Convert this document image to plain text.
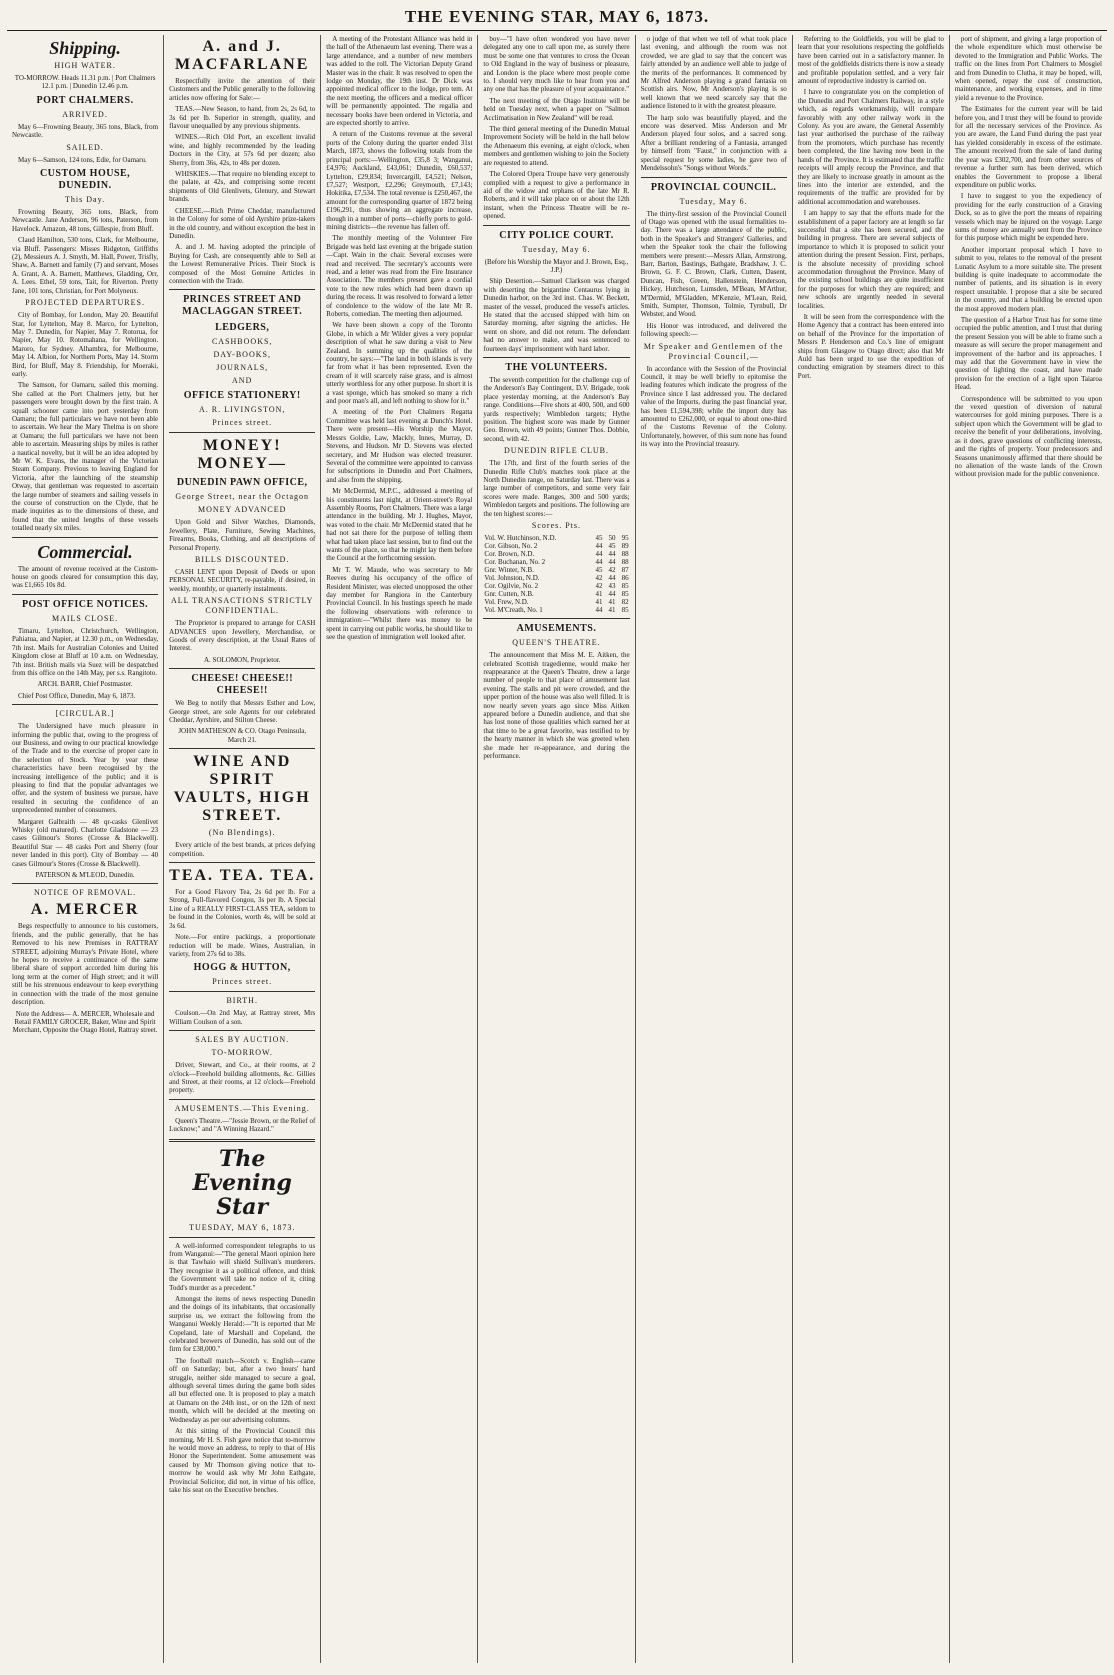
THE EVENING STAR, MAY 6, 1873.
Shipping.
HIGH WATER.

TO-MORROW. Heads 11.31 p.m. | Port Chalmers 12.1 p.m. | Dunedin 12.46 p.m.

PORT CHALMERS.
ARRIVED.

May 6—Frowning Beauty, 365 tons, Black, from Newcastle.

SAILED.

May 6—Samson, 124 tons, Edie, for Oamaru.

CUSTOM HOUSE, DUNEDIN.
This Day.

Frowning Beauty, 365 tons, Black, from Newcastle. Jane Anderson, 96 tons, Paterson, from Havelock. Amazon, 48 tons, Gillespie, from Bluff.

Claud Hamilton, 530 tons, Clark, for Melbourne, via Bluff. Passengers: Misses Ridgeton, Griffiths (2), Messieurs A. J. Smyth, M. Hall, Power, Trisfly, Shaw, A. Barnett and family (7) and servant, Moses A. Grant, A. A. Barnett, Matthews, Gladding, Orr, A. Lees. Ethel, 59 tons, Tait, for Riverton. Pretty Jane, 101 tons, Christian, for Port Molyneux.

PROJECTED DEPARTURES.

City of Bombay, for London, May 20. Beautiful Star, for Lyttelton, May 8. Marco, for Lyttelton, May 7. Dunedin, for Napier, May 7. Rotorua, for Napier, May 10. Rotomahana, for Wellington. Maroro, for Sydney. Alhambra, for Melbourne, May 14. Albion, for Northern Ports, May 14. Storm Bird, for Bluff, May 8. Friendship, for Moeraki, early.

The Samson, for Oamaru, sailed this morning. She called at the Port Chalmers jetty, but her passengers were brought down by the first train. A squall schooner came into port yesterday from Oamaru; the full particulars we have not been able to ascertain. We hear the Mary Thelma is on shore at Oamaru; the full particulars we have not been able to ascertain. Measuring ships by miles is rather a nautical novelty, but it will be an idea adopted by Mr W. K. Evans, the manager of the Victorian Steam Company. Previous to leaving England for Victoria, after the launching of the steamship Otway, that gentleman was requested to ascertain the large number of steamers and sailing vessels in the course of construction on the Clyde, that he made inquiries as to the dimensions of these, and found that the united lengths of these vessels totalled nearly six miles.

Commercial.

The amount of revenue received at the Custom-house on goods cleared for consumption this day, was £1,665 10s 8d.

POST OFFICE NOTICES.
MAILS CLOSE.

Timaru, Lyttelton, Christchurch, Wellington, Pahiatua, and Napier, at 12.30 p.m., on Wednesday, 7th inst. Mails for Australian Colonies and United Kingdom close at Bluff at 10 a.m. on Wednesday, 7th inst. British mails via Suez will be despatched from this office on the 14th May, per s.s. Rangitoto.

ARCH. BARR, Chief Postmaster.

Chief Post Office, Dunedin, May 6, 1873.

[CIRCULAR.]

The Undersigned have much pleasure in informing the public that, owing to the progress of our Business, and owing to our practical knowledge of the Trade and to the exercise of proper care in the selection of Stock. Year by year these characteristics have been recognised by the increasing intelligence of the public; and it is pleasing to find that the popular advantages we offer, and the system of business we pursue, have resulted in securing the confidence of an unprecedented number of consumers.

Margaret Galbraith — 48 qr-casks Glenlivet Whisky (old matured). Charlotte Gladstone — 23 cases Gilmour's Stores (Crosse & Blackwell). Beautiful Star — 48 casks Port and Sherry (four never landed in this port). City of Bombay — 40 cases Gilmour's Stores (Crosse & Blackwell).

PATERSON & M'LEOD, Dunedin.

NOTICE OF REMOVAL.
A. MERCER

Begs respectfully to announce to his customers, friends, and the public generally, that he has Removed to his new Premises in RATTRAY STREET, adjoining Murray's Private Hotel, where he hopes to receive a continuance of the same liberal share of support accorded him during his long term at the corner of High street; and it will still be his strenuous endeavour to keep everything in connection with the trade of the most genuine description.

Note the Address— A. MERCER, Wholesale and Retail FAMILY GROCER, Baker, Wine and Spirit Merchant, Opposite the Otago Hotel, Rattray street.

A. and J. MACFARLANE

Respectfully invite the attention of their Customers and the Public generally to the following articles now offering for Sale:—

TEAS.—New Season, to hand, from 2s, 2s 6d, to 3s 6d per lb. Superior in strength, quality, and flavour unequalled by any previous shipments.

WINES.—Rich Old Port, an excellent invalid wine, and highly recommended by the leading Doctors in the City, at 57s 6d per dozen; also Sherry, from 36s, 42s, to 48s per dozen.

WHISKIES.—That require no blending except to the palate, at 42s, and comprising some recent shipments of Old Glenlivets, Glenury, and Stewart brands.

CHEESE.—Rich Prime Cheddar, manufactured in the Colony for some of old Ayrshire prize-takers in the old country, and without exception the best in Dunedin.

A. and J. M. having adopted the principle of Buying for Cash, are consequently able to Sell at the Lowest Remunerative Prices. Their Stock is composed of the Most Genuine Articles in connection with the Trade.

PRINCES STREET AND MACLAGGAN STREET.
LEDGERS,
CASHBOOKS,
DAY-BOOKS,
JOURNALS,
AND
OFFICE STATIONERY!
A. R. LIVINGSTON,
Princes street.
MONEY! MONEY—
DUNEDIN PAWN OFFICE,
George Street, near the Octagon
MONEY ADVANCED

Upon Gold and Silver Watches, Diamonds, Jewellery, Plate, Furniture, Sewing Machines, Firearms, Books, Clothing, and all descriptions of Personal Property.

BILLS DISCOUNTED.

CASH LENT upon Deposit of Deeds or upon PERSONAL SECURITY, re-payable, if desired, in weekly, monthly, or quarterly instalments.

ALL TRANSACTIONS STRICTLY CONFIDENTIAL.

The Proprietor is prepared to arrange for CASH ADVANCES upon Jewellery, Merchandise, or Goods of every description, at the Usual Rates of Interest.

A. SOLOMON, Proprietor.

CHEESE! CHEESE!! CHEESE!!

We Beg to notify that Messrs Esther and Low, George street, are sole Agents for our celebrated Cheddar, Ayrshire, and Stilton Cheese.

JOHN MATHESON & CO. Otago Peninsula, March 21.

WINE AND SPIRIT VAULTS, HIGH STREET.
(No Blendings).

Every article of the best brands, at prices defying competition.

TEA. TEA. TEA.

For a Good Flavory Tea, 2s 6d per lb. For a Strong, Full-flavored Congou, 3s per lb. A Special Line of a REALLY FIRST-CLASS TEA, seldom to be found in the Colonies, worth 4s, will be sold at 3s 6d.

Note.—For entire packings, a proportionate reduction will be made. Wines, Australian, in variety, from 27s 6d to 38s.

HOGG & HUTTON,
Princes street.
BIRTH.

Coulson.—On 2nd May, at Rattray street, Mrs William Coulson of a son.

SALES BY AUCTION.
TO-MORROW.

Driver, Stewart, and Co., at their rooms, at 2 o'clock—Freehold building allotments, &c. Gillies and Street, at their rooms, at 12 o'clock—Freehold property.

AMUSEMENTS.—This Evening.

Queen's Theatre.—"Jessie Brown, or the Relief of Lucknow;" and "A Winning Hazard."

The Evening Star
TUESDAY, MAY 6, 1873.

A well-informed correspondent telegraphs to us from Wanganui:—"The general Maori opinion here is that Tawhaio will shield Sullivan's murderers. They recognise it as a political offence, and think the Government will take no notice of it, citing Todd's murder as a precedent."

Amongst the items of news respecting Dunedin and the doings of its inhabitants, that occasionally surprise us, we extract the following from the Wanganui Weekly Herald:—"It is reported that Mr Copeland, late of Marshall and Copeland, the celebrated brewers of Dunedin, has sold out of the firm for £38,000."

The football match—Scotch v. English—came off on Saturday; but, after a two hours' hard struggle, neither side managed to secure a goal, although several times during the game both sides all but effected one. It is proposed to play a match at Oamaru on the 24th inst., or on the 12th of next month, which will be decided at the meeting on Wednesday as per our advertising columns.

At this sitting of the Provincial Council this morning, Mr H. S. Fish gave notice that to-morrow he would move an address, to reply to that of His Honor the Superintendent. Some amusement was caused by Mr Thomson giving notice that to-morrow he would ask why Mr John Eathgate, Provincial Solicitor, did not, in virtue of his office, take his seat on the Executive benches.

A meeting of the Protestant Alliance was held in the hall of the Athenaeum last evening. There was a large attendance, and a number of new members was added to the roll. The Victorian Deputy Grand Master was in the chair. It was resolved to open the lodge on Monday, the 19th inst. Dr Dick was appointed medical officer to the lodge, pro tem. At the next meeting, the officers and a medical officer will be permanently appointed. The regalia and necessary books have been ordered in Victoria, and are expected shortly to arrive.

A return of the Customs revenue at the several ports of the Colony during the quarter ended 31st March, 1873, shows the following totals from the principal ports:—Wellington, £35,8 3; Wanganui, £4,976; Auckland, £43,061; Dunedin, £60,537; Lyttelton, £29,834; Invercargill, £4,521; Nelson, £7,527; Westport, £2,296; Greymouth, £7,143; Hokitika, £7,534. The total revenue is £250,467, the amount for the corresponding quarter of 1872 being £196,291, thus showing an aggregate increase, though in a number of ports—chiefly ports to gold-mining districts—the revenue has fallen off.

The monthly meeting of the Volunteer Fire Brigade was held last evening at the brigade station—Capt. Wain in the chair. Several excuses were read and received. The secretary's accounts were read, and a letter was read from the Fire Insurance Association. The members present gave a cordial vote to the new rules which had been drawn up during the recess. It was resolved to forward a letter of condolence to the widow of the late Mr R. Roberts, comedian. The meeting then adjourned.

We have been shown a copy of the Toronto Globe, in which a Mr Wilder gives a very popular description of what he saw during a visit to New Zealand. In summing up the qualities of the country, he says:—"The land in both islands is very far from what it has been represented. Even the cream of it will scarcely raise grass, and is almost utterly worthless for any other purpose. In short it is a vast sponge, which has smoked so many a rich and poor man's all, and left nothing to show for it."

A meeting of the Port Chalmers Regatta Committee was held last evening at Dunch's Hotel. There were present—His Worship the Mayor, Messrs Goldie, Law, Mackly, Innes, Murray, D. Stevens, and Hudson. Mr D. Stevens was elected secretary, and Mr Hudson was elected treasurer. Several of the committee were appointed to canvass for subscriptions in Dunedin and Port Chalmers, and also from the shipping.

Mr McDermid, M.P.C., addressed a meeting of his constituents last night, at Orient-street's Royal Assembly Rooms, Port Chalmers. There was a large attendance in the building. Mr J. Hughes, Mayor, was voted to the chair. Mr McDermid stated that he had not sat there for the purpose of telling them what had taken place last session, but to find out the wants of the place, so that he might lay them before the Council at the forthcoming session.

Mr T. W. Maude, who was secretary to Mr Reeves during his occupancy of the office of Resident Minister, was elected unopposed the other day member for Rangiora in the Canterbury Provincial Council. In his hustings speech he made the following observations with reference to immigration:—"Whilst there was money to be spent in carrying out public works, he should like to see the question of immigration well looked after.

boy—"I have often wondered you have never delegated any one to call upon me, as surely there must be some one that ventures to cross the Ocean to Old England in the way of business or pleasure, and London is the place where most people come to. I should very much like to hear from you and any one that has the pleasure of your acquaintance."

The next meeting of the Otago Institute will be held on Tuesday next, when a paper on "Salmon Acclimatisation in New Zealand" will be read.

The third general meeting of the Dunedin Mutual Improvement Society will be held in the hall below the Athenaeum this evening, at eight o'clock, when members and gentlemen wishing to join the Society are requested to attend.

The Colored Opera Troupe have very generously complied with a request to give a performance in aid of the widow and orphans of the late Mr R. Roberts, and it will take place on or about the 12th instant, when the Princess Theatre will be re-opened.

CITY POLICE COURT.
Tuesday, May 6.

(Before his Worship the Mayor and J. Brown, Esq., J.P.)

Ship Desertion.—Samuel Clarkson was charged with deserting the brigantine Centaurus lying in Dunedin harbor, on the 3rd inst. Chas. W. Beckett, master of the vessel, produced the vessel's articles. He stated that the accused shipped with him on Saturday morning, after signing the articles. He went on shore, and did not return. The defendant had no answer to make, and was sentenced to fourteen days' imprisonment with hard labor.

THE VOLUNTEERS.

The seventh competition for the challenge cup of the Anderson's Bay Contingent, D.V. Brigade, took place yesterday morning, at the Anderson's Bay range. Conditions—Five shots at 400, 500, and 600 yards respectively; Wimbledon targets; Hythe position. The highest score was made by Gunner Geo. Brown, with 49 points; Gunner Thos. Dobbie, second, with 42.

DUNEDIN RIFLE CLUB.

The 17th, and first of the fourth series of the Dunedin Rifle Club's matches took place at the North Dunedin range, on Saturday last. There was a large number of competitors, and some very fair scores were made. Ranges, 300 and 500 yards; Wimbledon targets and positions. The following are the ten highest scores:—

Scores. Pts.
Vol. W. Hutchinson, N.D.	45	50	95
Cor. Gibson, No. 2	44	45	89
Cor. Brown, N.D.	44	44	88
Cor. Buchanan, No. 2	44	44	88
Gnr. Winter, N.B.	45	42	87
Vol. Johnston, N.D.	42	44	86
Cor. Ogilvie, No. 2	42	43	85
Gnr. Cutten, N.B.	41	44	85
Vol. Frew, N.D.	41	41	82
Vol. M'Creath, No. 1	44	41	85
AMUSEMENTS.
QUEEN'S THEATRE.

The announcement that Miss M. E. Aitken, the celebrated Scottish tragedienne, would make her reappearance at the Queen's Theatre, drew a large number of people to that place of amusement last evening. The stalls and pit were crowded, and the upper portion of the house was also well filled. It is now nearly seven years ago since Miss Aitken appeared before a Dunedin audience, and that she has lost none of those qualities which earned her at that time to be a great favorite, was testified to by the hearty manner in which she was greeted when she made her re-appearance, and during the performance.

o judge of that when we tell of what took place last evening, and although the room was not crowded, we are glad to say that the concert was fairly attended by an audience well able to judge of the merits of the performances. It commenced by Mr Alfred Anderson playing a grand fantasia on Scottish airs. Now, Mr Anderson's playing is so well known that we need scarcely say that the audience listened to it with the greatest pleasure.

The harp solo was beautifully played, and the encore was deserved. Miss Anderson and Mr Anderson played four solos, and a sacred song. After a brilliant rendering of a Fantasia, arranged by himself from "Faust," in conjunction with a special request by some ladies, he gave two of Mendelssohn's "Songs without Words."

PROVINCIAL COUNCIL.
Tuesday, May 6.

The thirty-first session of the Provincial Council of Otago was opened with the usual formalities to-day. There was a large attendance of the public, both in the Speaker's and Strangers' Galleries, and when the Speaker took the chair the following members were present:—Messrs Allan, Armstrong, Barr, Barton, Bastings, Bathgate, Bradshaw, J. C. Brown, G. F. C. Brown, Clark, Cutten, Dasent, Duncan, Fish, Green, Hallenstein, Henderson, Hickey, Hutcheson, Lumsden, M'Bean, M'Arthur, M'Dermid, M'Gladden, M'Kenzie, M'Lean, Reid, Smith, Sumpter, Thomson, Tolmie, Tyrnbull, Dr Webster, and Wood.

His Honor was introduced, and delivered the following speech:—

Mr Speaker and Gentlemen of the Provincial Council,—

In accordance with the Session of the Provincial Council, it may be well briefly to epitomise the leading features which indicate the progress of the Province since I last addressed you. The declared value of the Imports, during the past financial year, has been £1,594,398; while the import duty has amounted to £262,000, or equal to about one-third of the Customs Revenue of the Colony. Unfortunately, however, of this sum none has found its way into the Provincial treasury.

Referring to the Goldfields, you will be glad to learn that your resolutions respecting the goldfields have been carried out in a satisfactory manner. In most of the goldfields districts there is now a steady and profitable population settled, and a very fair amount of reproductive industry is carried on.

I have to congratulate you on the completion of the Dunedin and Port Chalmers Railway, in a style which, as regards workmanship, will compare favorably with any other railway work in the Colony. As you are aware, the General Assembly last year authorised the purchase of the railway from the promoters, which purchase has recently been completed, the line having now been in the hands of the Province. It is estimated that the traffic receipts will amply recoup the Province, and that they are likely to increase greatly in amount as the lines into the interior are extended, and the requirements of the traffic are provided for by additional accommodation and warehouses.

I am happy to say that the efforts made for the establishment of a paper factory are at length so far successful that a site has been secured, and the building in progress. There are several subjects of importance to which it is proposed to solicit your attention during the present Session. First, perhaps, is the absolute necessity of providing school accommodation throughout the Province. Many of the existing school buildings are quite insufficient for the purposes for which they are required; and new schools are urgently needed in several localities.

It will be seen from the correspondence with the Home Agency that a contract has been entered into on behalf of the Province for the importation of Messrs P. Henderson and Co.'s line of emigrant ships from Glasgow to Otago direct; also that Mr Auld has been urged to use the expedition of conducting emigration by steamers direct to this Port.

port of shipment, and giving a large proportion of the whole expenditure which must otherwise be devoted to the Immigration and Public Works. The traffic on the lines from Port Chalmers to Mosgiel and from Dunedin to Clutha, it may be hoped, will, when opened, repay the cost of construction, maintenance, and working expenses, and in time yield a revenue to the Province.

The Estimates for the current year will be laid before you, and I trust they will be found to provide for all the necessary services of the Province. As you are aware, the Land Fund during the past year has yielded considerably in excess of the estimate. The amount received from the sale of land during the year was £302,700, and from other sources of revenue a further sum has been derived, which enables the Government to propose a liberal expenditure on public works.

I have to suggest to you the expediency of providing for the early construction of a Graving Dock, so as to give the port the means of repairing vessels which may be injured on the voyage. Large sums of money are annually sent from the Province for this purpose which might be expended here.

Another important proposal which I have to submit to you, relates to the removal of the present Lunatic Asylum to a more suitable site. The present building is quite inadequate to accommodate the number of patients, and its situation is in every respect unsuitable. I propose that a site be secured in the country, and that a building be erected upon the most approved modern plan.

The question of a Harbor Trust has for some time occupied the public attention, and I trust that during the present Session you will be able to frame such a measure as will secure the proper management and improvement of the harbor and its approaches. I may add that the Government have in view the question of lighting the coast, and have made provision for the erection of a light upon Taiaroa Head.

Correspondence will be submitted to you upon the vexed question of diversion of natural watercourses for gold mining purposes. There is a subject upon which the Government will be glad to receive the benefit of your deliberations, involving, as it does, grave questions of conflicting interests, and the rights of property. Your predecessors and Seasons unanimously affirmed that there should be no alienation of the waste lands of the Crown without provision made for the public convenience.
